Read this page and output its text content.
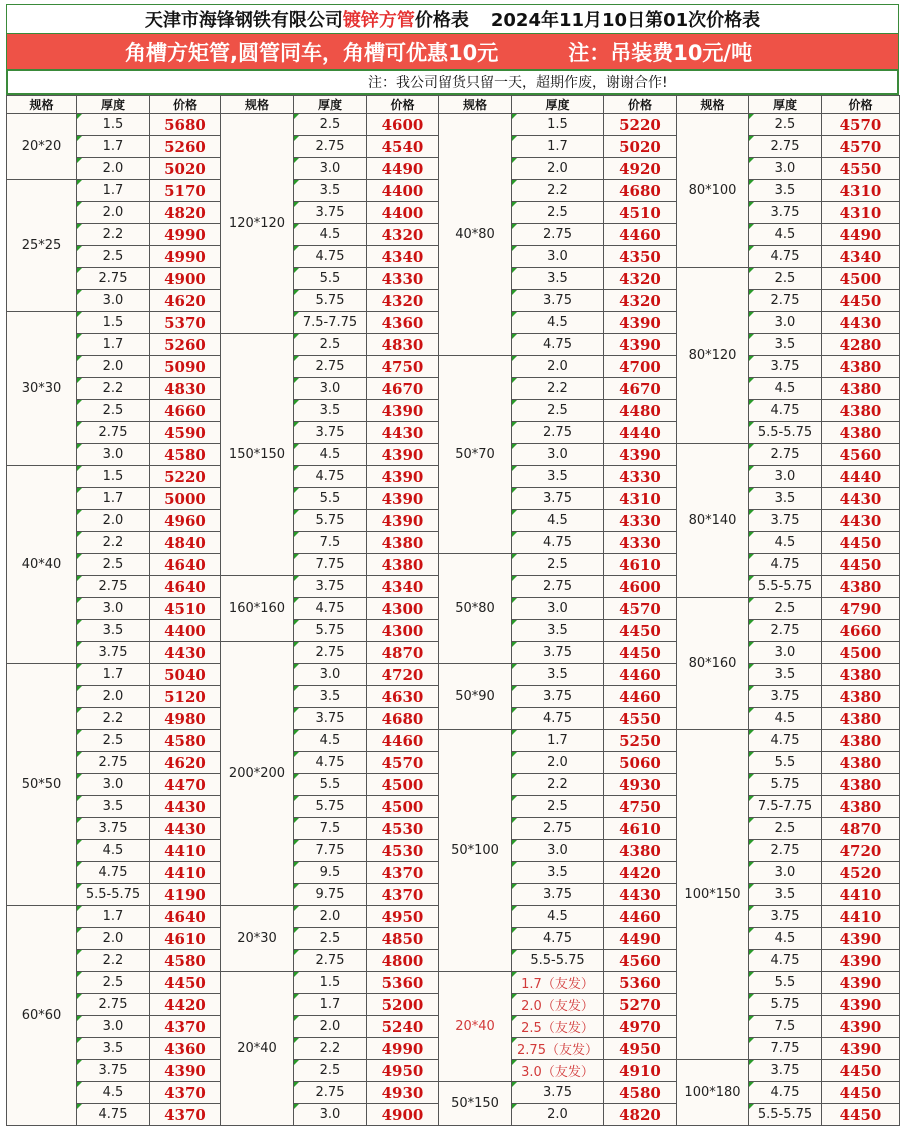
天津市海锋钢铁有限公司 镀锌方管 价格表 2024年11月10日第01次价格表
角槽方矩管,圆管同车，角槽可优惠10元	注：吊装费10元/吨
注：我公司留货只留一天，超期作废，谢谢合作!
规格	厚度	价格	规格	厚度	价格	规格	厚度	价格	规格	厚度	价格
20*20	1.5	5680	120*120	2.5	4600	40*80	1.5	5220	80*100	2.5	4570
	1.7	5260		2.75	4540		1.7	5020		2.75	4570
	2.0	5020		3.0	4490		2.0	4920		3.0	4550
25*25	1.7	5170		3.5	4400		2.2	4680		3.5	4310
	2.0	4820		3.75	4400		2.5	4510		3.75	4310
	2.2	4990		4.5	4320		2.75	4460		4.5	4490
	2.5	4990		4.75	4340		3.0	4350		4.75	4340
	2.75	4900		5.5	4330		3.5	4320	80*120	2.5	4500
	3.0	4620		5.75	4320		3.75	4320		2.75	4450
30*30	1.5	5370		7.5-7.75	4360		4.5	4390		3.0	4430
	1.7	5260	150*150	2.5	4830		4.75	4390		3.5	4280
	2.0	5090		2.75	4750	50*70	2.0	4700		3.75	4380
	2.2	4830		3.0	4670		2.2	4670		4.5	4380
	2.5	4660		3.5	4390		2.5	4480		4.75	4380
	2.75	4590		3.75	4430		2.75	4440		5.5-5.75	4380
	3.0	4580		4.5	4390		3.0	4390	80*140	2.75	4560
40*40	1.5	5220		4.75	4390		3.5	4330		3.0	4440
	1.7	5000		5.5	4390		3.75	4310		3.5	4430
	2.0	4960		5.75	4390		4.5	4330		3.75	4430
	2.2	4840		7.5	4380		4.75	4330		4.5	4450
	2.5	4640		7.75	4380	50*80	2.5	4610		4.75	4450
	2.75	4640	160*160	3.75	4340		2.75	4600		5.5-5.75	4380
	3.0	4510		4.75	4300		3.0	4570	80*160	2.5	4790
	3.5	4400		5.75	4300		3.5	4450		2.75	4660
	3.75	4430	200*200	2.75	4870		3.75	4450		3.0	4500
50*50	1.7	5040		3.0	4720	50*90	3.5	4460		3.5	4380
	2.0	5120		3.5	4630		3.75	4460		3.75	4380
	2.2	4980		3.75	4680		4.75	4550		4.5	4380
	2.5	4580		4.5	4460	50*100	1.7	5250	100*150	4.75	4380
	2.75	4620		4.75	4570		2.0	5060		5.5	4380
	3.0	4470		5.5	4500		2.2	4930		5.75	4380
	3.5	4430		5.75	4500		2.5	4750		7.5-7.75	4380
	3.75	4430		7.5	4530		2.75	4610		2.5	4870
	4.5	4410		7.75	4530		3.0	4380		2.75	4720
	4.75	4410		9.5	4370		3.5	4420		3.0	4520
	5.5-5.75	4190		9.75	4370		3.75	4430		3.5	4410
60*60	1.7	4640	20*30	2.0	4950		4.5	4460		3.75	4410
	2.0	4610		2.5	4850		4.75	4490		4.5	4390
	2.2	4580		2.75	4800		5.5-5.75	4560		4.75	4390
	2.5	4450	20*40	1.5	5360	20*40	1.7（友发）	5360		5.5	4390
	2.75	4420		1.7	5200		2.0（友发）	5270		5.75	4390
	3.0	4370		2.0	5240		2.5（友发）	4970		7.5	4390
	3.5	4360		2.2	4990		2.75（友发）	4950		7.75	4390
	3.75	4390		2.5	4950		3.0（友发）	4910	100*180	3.75	4450
	4.5	4370		2.75	4930	50*150	3.75	4580		4.75	4450
	4.75	4370		3.0	4900		2.0	4820		5.5-5.75	4450
